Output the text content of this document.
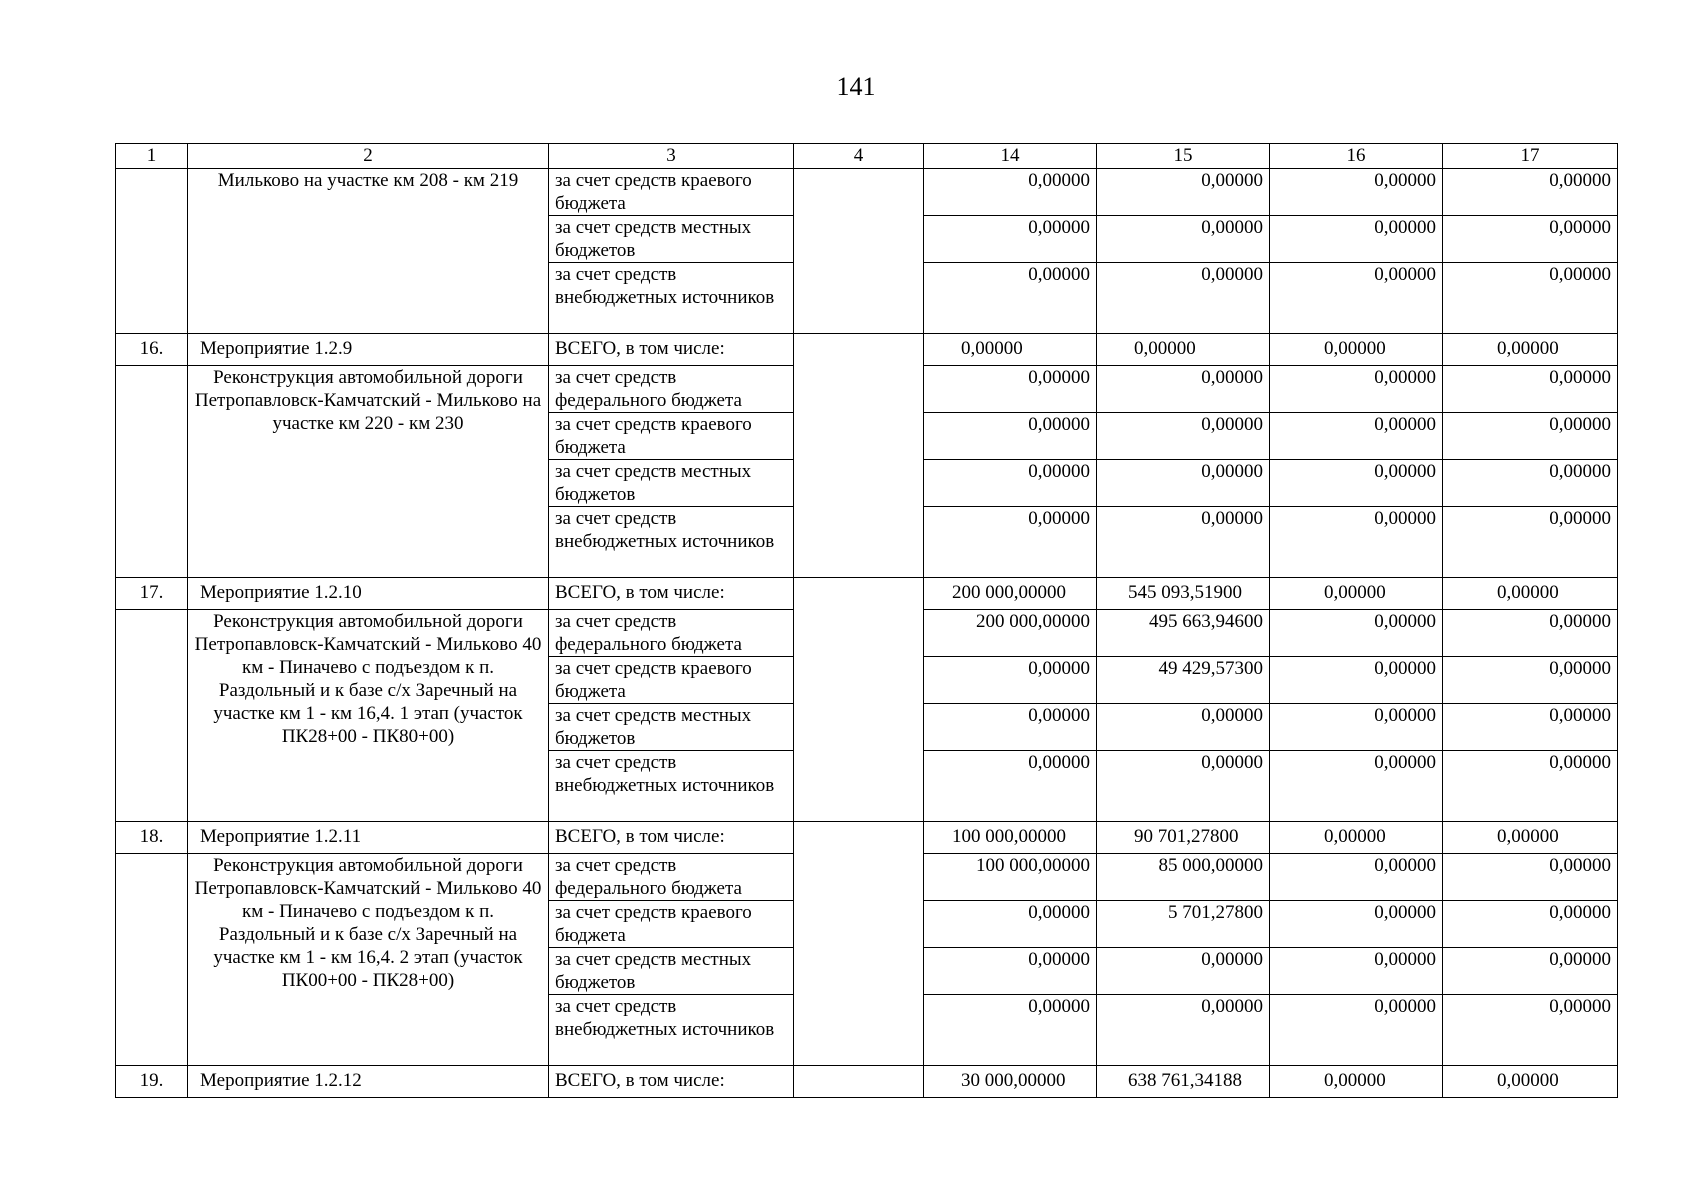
141
1	2	3	4	14	15	16	17
	Мильково на участке км 208 - км 219	за счет средств краевого бюджета		0,00000	0,00000	0,00000	0,00000
		за счет средств местных бюджетов		0,00000	0,00000	0,00000	0,00000
		за счет средств внебюджетных источников		0,00000	0,00000	0,00000	0,00000
16.	Мероприятие 1.2.9	ВСЕГО, в том числе:		0,00000	0,00000	0,00000	0,00000

	Реконструкция автомобильной дороги Петропавловск-Камчатский - Мильково на участке км 220 - км 230	за счет средств федерального бюджета		0,00000	0,00000	0,00000	0,00000
		за счет средств краевого бюджета		0,00000	0,00000	0,00000	0,00000
		за счет средств местных бюджетов		0,00000	0,00000	0,00000	0,00000
		за счет средств внебюджетных источников		0,00000	0,00000	0,00000	0,00000
17.	Мероприятие 1.2.10	ВСЕГО, в том числе:		200 000,00000	545 093,51900	0,00000	0,00000

	Реконструкция автомобильной дороги Петропавловск-Камчатский - Мильково 40 км - Пиначево с подъездом к п. Раздольный и к базе с/х Заречный на участке км 1 - км 16,4. 1 этап (участок ПК28+00 - ПК80+00)	за счет средств федерального бюджета		200 000,00000	495 663,94600	0,00000	0,00000
		за счет средств краевого бюджета		0,00000	49 429,57300	0,00000	0,00000
		за счет средств местных бюджетов		0,00000	0,00000	0,00000	0,00000
		за счет средств внебюджетных источников		0,00000	0,00000	0,00000	0,00000
18.	Мероприятие 1.2.11	ВСЕГО, в том числе:		100 000,00000	90 701,27800	0,00000	0,00000

	Реконструкция автомобильной дороги Петропавловск-Камчатский - Мильково 40 км - Пиначево с подъездом к п. Раздольный и к базе с/х Заречный на участке км 1 - км 16,4. 2 этап (участок ПК00+00 - ПК28+00)	за счет средств федерального бюджета		100 000,00000	85 000,00000	0,00000	0,00000
		за счет средств краевого бюджета		0,00000	5 701,27800	0,00000	0,00000
		за счет средств местных бюджетов		0,00000	0,00000	0,00000	0,00000
		за счет средств внебюджетных источников		0,00000	0,00000	0,00000	0,00000
19.	Мероприятие 1.2.12	ВСЕГО, в том числе:		30 000,00000	638 761,34188	0,00000	0,00000
